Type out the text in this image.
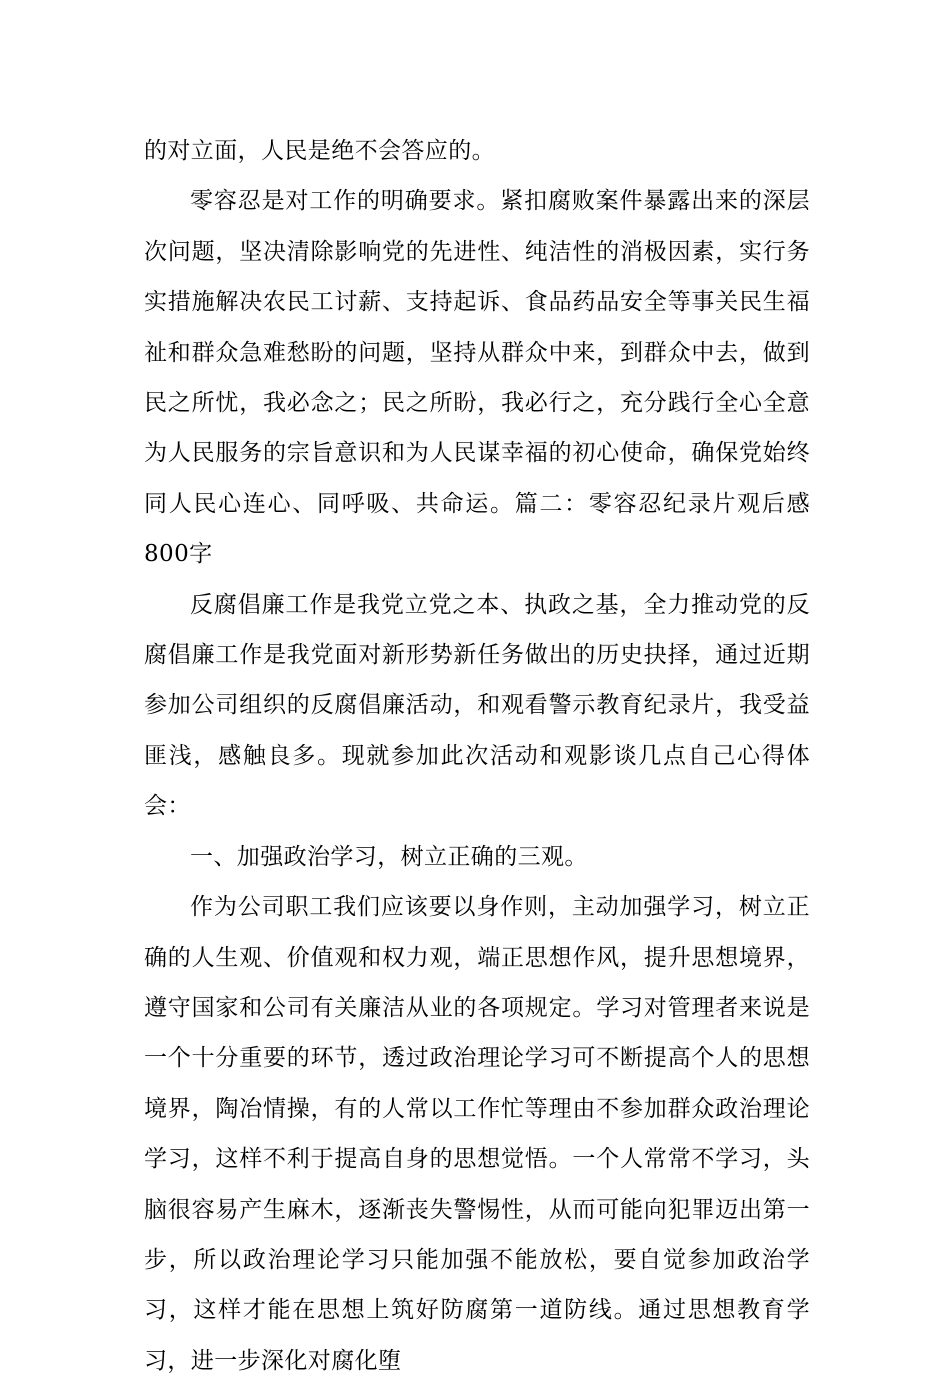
的对立面，人民是绝不会答应的。

零容忍是对工作的明确要求。紧扣腐败案件暴露出来的深层次问题，坚决清除影响党的先进性、纯洁性的消极因素，实行务实措施解决农民工讨薪、支持起诉、食品药品安全等事关民生福祉和群众急难愁盼的问题，坚持从群众中来，到群众中去，做到民之所忧，我必念之；民之所盼，我必行之，充分践行全心全意为人民服务的宗旨意识和为人民谋幸福的初心使命，确保党始终同人民心连心、同呼吸、共命运。篇二：零容忍纪录片观后感800字

反腐倡廉工作是我党立党之本、执政之基，全力推动党的反腐倡廉工作是我党面对新形势新任务做出的历史抉择，通过近期参加公司组织的反腐倡廉活动，和观看警示教育纪录片，我受益匪浅，感触良多。现就参加此次活动和观影谈几点自己心得体会：

一、加强政治学习，树立正确的三观。

作为公司职工我们应该要以身作则，主动加强学习，树立正确的人生观、价值观和权力观，端正思想作风，提升思想境界，遵守国家和公司有关廉洁从业的各项规定。学习对管理者来说是一个十分重要的环节，透过政治理论学习可不断提高个人的思想境界，陶冶情操，有的人常以工作忙等理由不参加群众政治理论学习，这样不利于提高自身的思想觉悟。一个人常常不学习，头脑很容易产生麻木，逐渐丧失警惕性，从而可能向犯罪迈出第一步，所以政治理论学习只能加强不能放松，要自觉参加政治学习，这样才能在思想上筑好防腐第一道防线。通过思想教育学习，进一步深化对腐化堕
